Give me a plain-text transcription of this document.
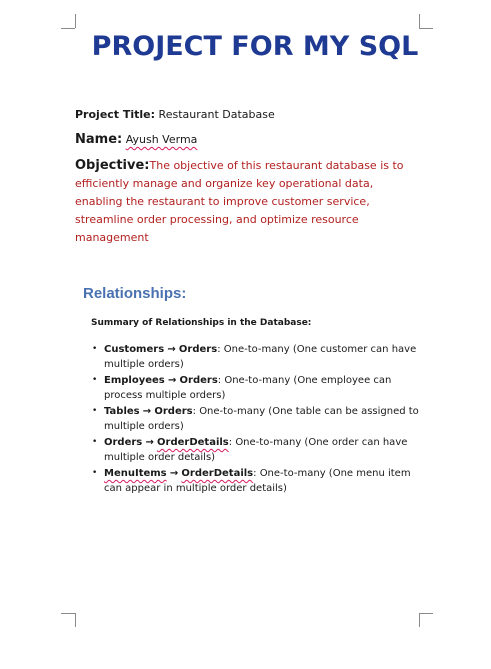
PROJECT FOR MY SQL
Project Title: Restaurant Database
Name: Ayush Verma
Objective:The objective of this restaurant database is to efficiently manage and organize key operational data, enabling the restaurant to improve customer service, streamline order processing, and optimize resource management
Relationships:
Summary of Relationships in the Database:
• Customers → Orders: One-to-many (One customer can have multiple orders)
• Employees → Orders: One-to-many (One employee can process multiple orders)
• Tables → Orders: One-to-many (One table can be assigned to multiple orders)
• Orders → OrderDetails: One-to-many (One order can have multiple order details)
• MenuItems → OrderDetails: One-to-many (One menu item can appear in multiple order details)
